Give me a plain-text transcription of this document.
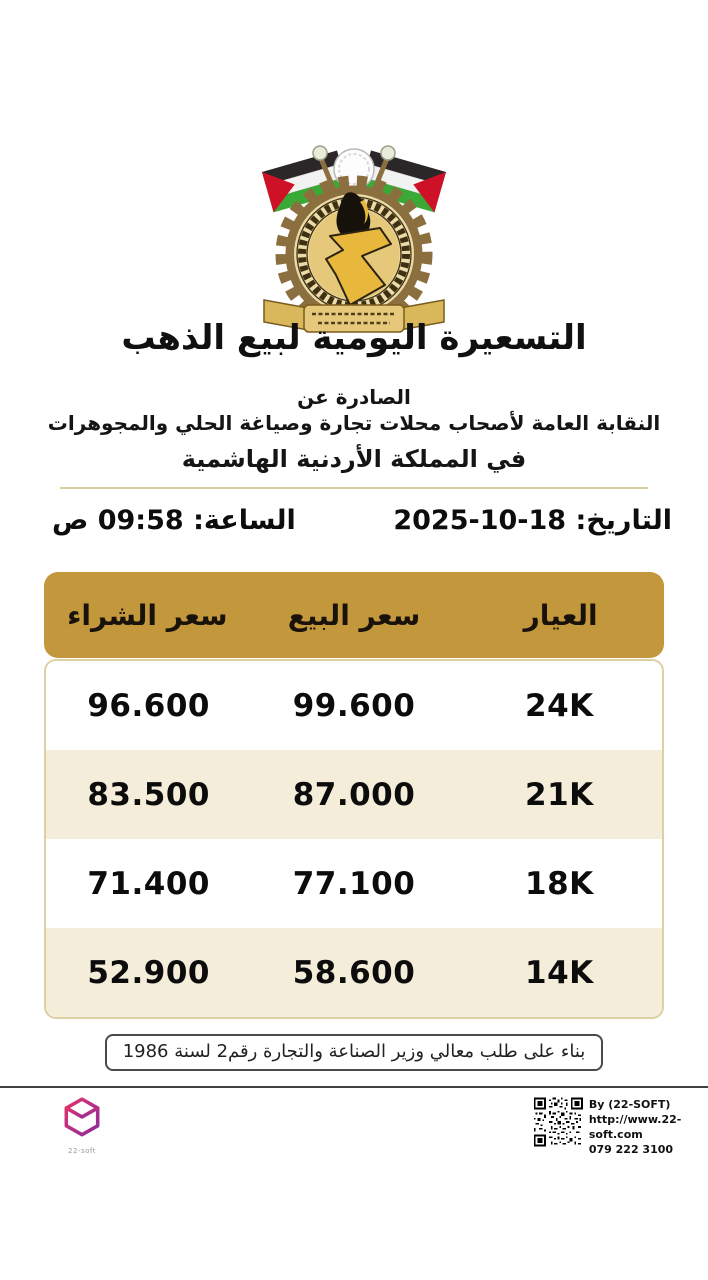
التسعيرة اليومية لبيع الذهب
الصادرة عن
النقابة العامة لأصحاب محلات تجارة وصياغة الحلي والمجوهرات
في المملكة الأردنية الهاشمية
التاريخ: 18-10-2025
الساعة: 09:58 ص
العيار
سعر البيع
سعر الشراء
24K
99.600
96.600
21K
87.000
83.500
18K
77.100
71.400
14K
58.600
52.900
بناء على طلب معالي وزير الصناعة والتجارة رقم2 لسنة 1986
22-soft
By (22-SOFT)
http://www.22-soft.com
079 222 3100
